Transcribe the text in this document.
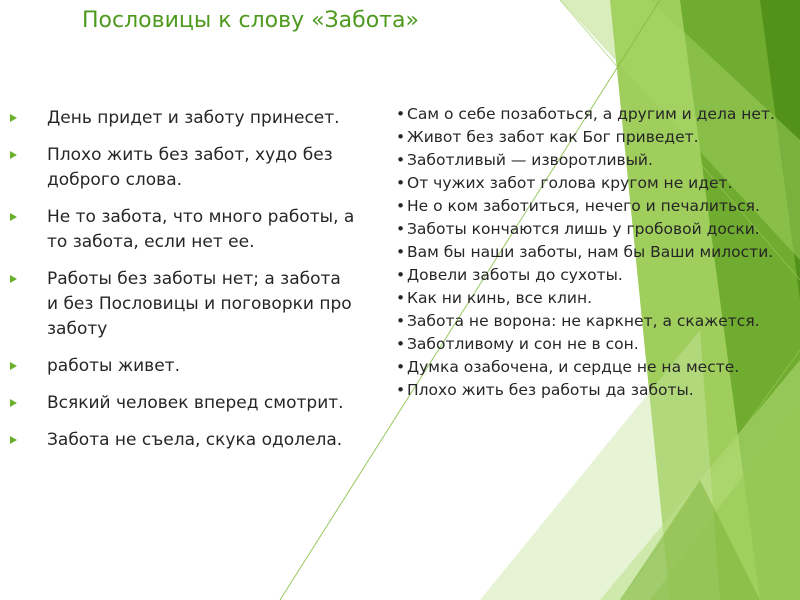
Пословицы к слову «Забота»
День придет и заботу принесет.
Плохо жить без забот, худо без доброго слова.
Не то забота, что много работы, а то забота, если нет ее.
Работы без заботы нет; а забота и без Пословицы и поговорки про заботу
работы живет.
Всякий человек вперед смотрит.
Забота не съела, скука одолела.
• Сам о себе позаботься, а другим и дела нет.
• Живот без забот как Бог приведет.
• Заботливый — изворотливый.
• От чужих забот голова кругом не идет.
• Не о ком заботиться, нечего и печалиться.
• Заботы кончаются лишь у гробовой доски.
• Вам бы наши заботы, нам бы Ваши милости.
• Довели заботы до сухоты.
• Как ни кинь, все клин.
• Забота не ворона: не каркнет, а скажется.
• Заботливому и сон не в сон.
• Думка озабочена, и сердце не на месте.
• Плохо жить без работы да заботы.
